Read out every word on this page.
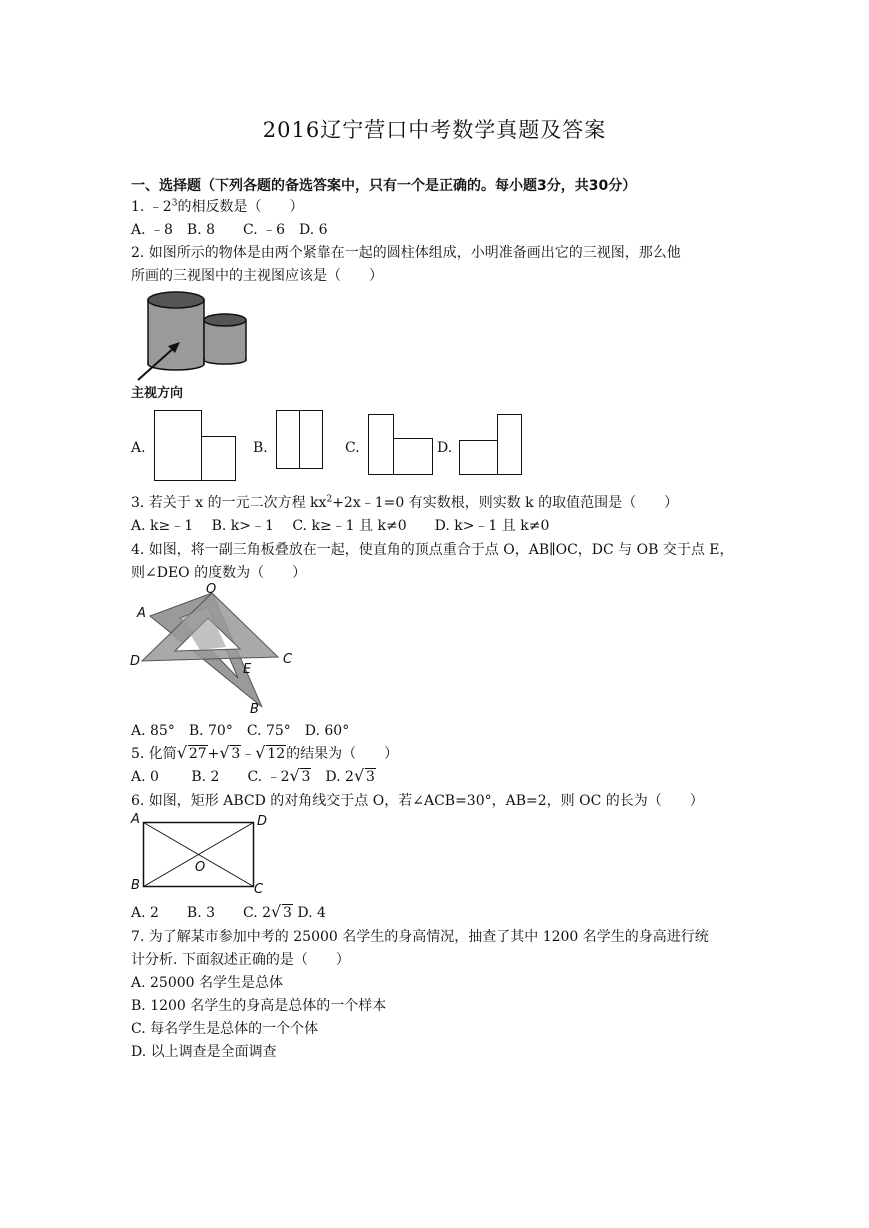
2016辽宁营口中考数学真题及答案
一、选择题（下列各题的备选答案中，只有一个是正确的。每小题3分，共30分）
1. $﹣2^3$的相反数是（　　）
A. ﹣8　B. 8　　C. ﹣6　D. 6
2. 如图所示的物体是由两个紧靠在一起的圆柱体组成，小明准备画出它的三视图，那么他
所画的三视图中的主视图应该是（　　）
主视方向
A.	B.	C.	D.
3. 若关于 x 的一元二次方程 $kx^2+2x﹣1=0$ 有实数根，则实数 k 的取值范围是（　　）
A. k≥﹣1　 B. k>﹣1　 C. k≥﹣1 且 k≠0　　D. k>﹣1 且 k≠0
4. 如图，将一副三角板叠放在一起，使直角的顶点重合于点 O，AB∥OC，DC 与 OB 交于点 E，
则∠DEO 的度数为（　　）
O
A
D
E
C
B
A. 85°　B. 70°　C. 75°　D. 60°
5. 化简 √ 27+ √ 3﹣ √ 12的结果为（　　）
A. 0　　 B. 2　　C. ﹣2 √ 3　D. 2 √ 3
6. 如图，矩形 ABCD 的对角线交于点 O，若∠ACB=30°，AB=2，则 OC 的长为（　　）
A	D
B	C
O
A. 2　　B. 3　　C. 2 √ 3 D. 4
7. 为了解某市参加中考的 25000 名学生的身高情况，抽查了其中 1200 名学生的身高进行统
计分析. 下面叙述正确的是（　　）
A. 25000 名学生是总体
B. 1200 名学生的身高是总体的一个样本
C. 每名学生是总体的一个个体
D. 以上调查是全面调查
